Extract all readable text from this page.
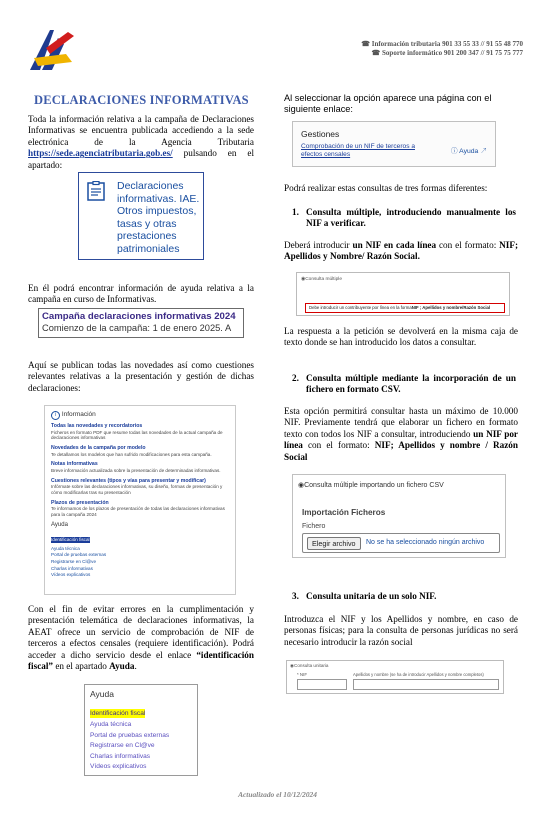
☎ Información tributaria 901 33 55 33 // 91 55 48 770
☎ Soporte informático 901 200 347 // 91 75 75 777
DECLARACIONES INFORMATIVAS

Toda la información relativa a la campaña de Declaraciones Informativas se encuentra publicada accediendo a la sede electrónica de la Agencia Tributaria https://sede.agenciatributaria.gob.es/ pulsando en el apartado:

Declaraciones informativas. IAE. Otros impuestos, tasas y otras prestaciones patrimoniales

En él podrá encontrar información de ayuda relativa a la campaña en curso de Informativas.

Campaña declaraciones informativas 2024
Comienzo de la campaña: 1 de enero 2025. A

Aquí se publican todas las novedades así como cuestiones relevantes relativas a la presentación y gestión de dichas declaraciones:

i Información
Todas las novedades y recordatorios
Ficheros en formato PDF que resume todas las novedades de la actual campaña de declaraciones informativas
Novedades de la campaña por modelo
Te detallamos los modelos que han sufrido modificaciones para esta campaña.
Notas informativas
Breve información actualizada sobre la presentación de determinadas informativas.
Cuestiones relevantes (tipos y vías para presentar y modificar)
Infórmate sobre las declaraciones informativas, su diseño, formas de presentación y cómo modificarlas tras su presentación
Plazos de presentación
Te informamos de los plazos de presentación de todas las declaraciones informativas para la campaña 2024
Ayuda
Identificación fiscal
Ayuda técnica
Portal de pruebas externas
Registrarse en Cl@ve
Charlas informativas
Vídeos explicativos

Con el fin de evitar errores en la cumplimentación y presentación telemática de declaraciones informativas, la AEAT ofrece un servicio de comprobación de NIF de terceros a efectos censales (requiere identificación). Podrá acceder a dicho servicio desde el enlace “identificación fiscal” en el apartado Ayuda.

Ayuda
Identificación fiscal
Ayuda técnica
Portal de pruebas externas
Registrarse en Cl@ve
Charlas informativas
Vídeos explicativos

Al seleccionar la opción aparece una página con el siguiente enlace:

Gestiones
Comprobación de un NIF de terceros a efectos censales	ⓘ Ayuda ↗

Podrá realizar estas consultas de tres formas diferentes:

1. Consulta múltiple, introduciendo manualmente los NIF a verificar.

Deberá introducir un NIF en cada línea con el formato: NIF; Apellidos y Nombre/ Razón Social.

◉Consulta múltiple
Debe introducir un contribuyente por línea en la formaNIF ; Apellidos y nombre/Razón Social

La respuesta a la petición se devolverá en la misma caja de texto donde se han introducido los datos a consultar.

2. Consulta múltiple mediante la incorporación de un fichero en formato CSV.

Esta opción permitirá consultar hasta un máximo de 10.000 NIF. Previamente tendrá que elaborar un fichero en formato texto con todos los NIF a consultar, introduciendo un NIF por línea con el formato: NIF; Apellidos y nombre / Razón Social

◉Consulta múltiple importando un fichero CSV
Importación Ficheros
Fichero
Elegir archivo	No se ha seleccionado ningún archivo
3. Consulta unitaria de un solo NIF.

Introduzca el NIF y los Apellidos y nombre, en caso de personas físicas; para la consulta de personas jurídicas no será necesario introducir la razón social

◉Consulta unitaria
* NIF	Apellidos y nombre (se ha de introducir Apellidos y nombre completos)
Actualizado el 10/12/2024
